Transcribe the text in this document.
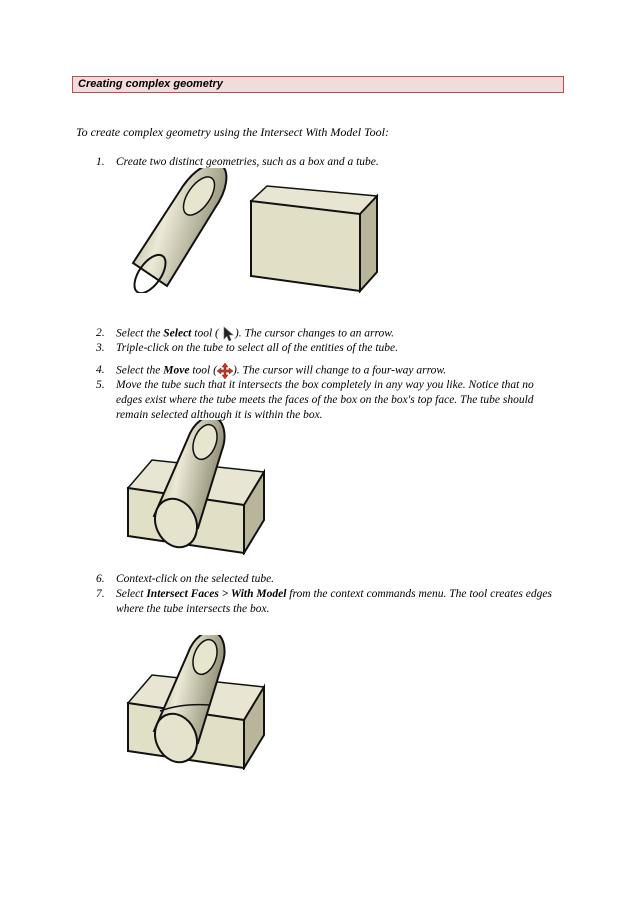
Creating complex geometry
To create complex geometry using the Intersect With Model Tool:
1. Create two distinct geometries, such as a box and a tube.
2. Select the Select tool ( ). The cursor changes to an arrow.
3. Triple-click on the tube to select all of the entities of the tube.
4. Select the Move tool ( ). The cursor will change to a four-way arrow.
5. Move the tube such that it intersects the box completely in any way you like. Notice that no edges exist where the tube meets the faces of the box on the box's top face. The tube should remain selected although it is within the box.
6. Context-click on the selected tube.
7. Select Intersect Faces > With Model from the context commands menu. The tool creates edges where the tube intersects the box.
